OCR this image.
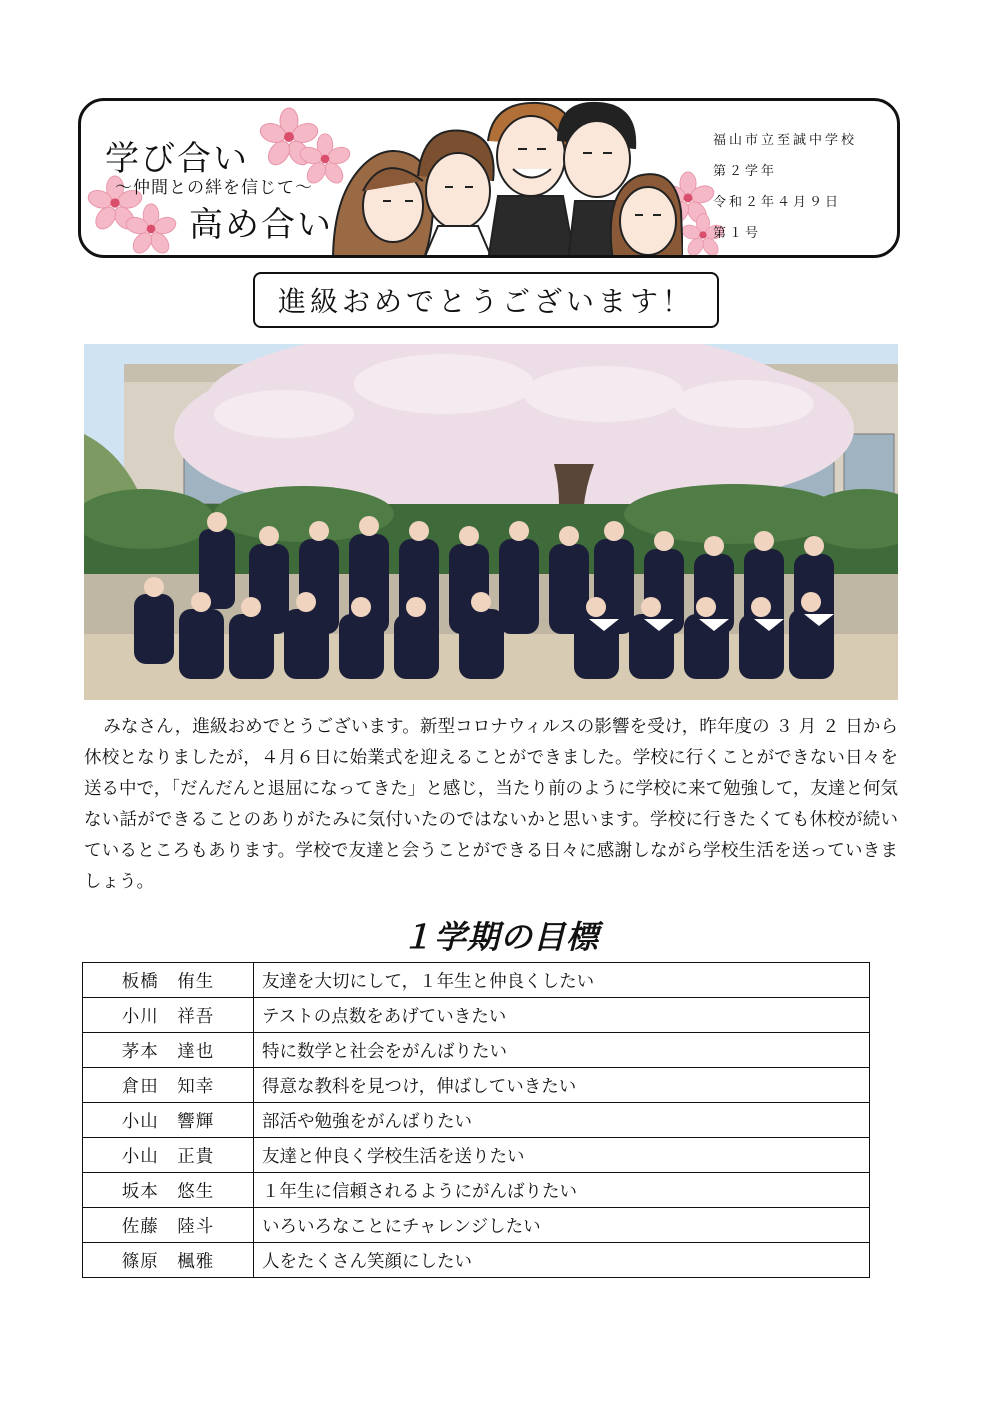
学び合い
～仲間との絆を信じて～
高め合い
福山市立至誠中学校
第２学年
令和２年４月９日
第１号
進級おめでとうございます！

みなさん，進級おめでとうございます。新型コロナウィルスの影響を受け，昨年度の ３ 月 ２ 日から休校となりましたが，４月６日に始業式を迎えることができました。学校に行くことができない日々を送る中で，「だんだんと退屈になってきた」と感じ，当たり前のように学校に来て勉強して，友達と何気ない話ができることのありがたみに気付いたのではないかと思います。学校に行きたくても休校が続いているところもあります。学校で友達と会うことができる日々に感謝しながら学校生活を送っていきましょう。

１学期の目標
板橋　侑生	友達を大切にして，１年生と仲良くしたい
小川　祥吾	テストの点数をあげていきたい
茅本　達也	特に数学と社会をがんばりたい
倉田　知幸	得意な教科を見つけ，伸ばしていきたい
小山　響輝	部活や勉強をがんばりたい
小山　正貴	友達と仲良く学校生活を送りたい
坂本　悠生	１年生に信頼されるようにがんばりたい
佐藤　陸斗	いろいろなことにチャレンジしたい
篠原　楓雅	人をたくさん笑顔にしたい
